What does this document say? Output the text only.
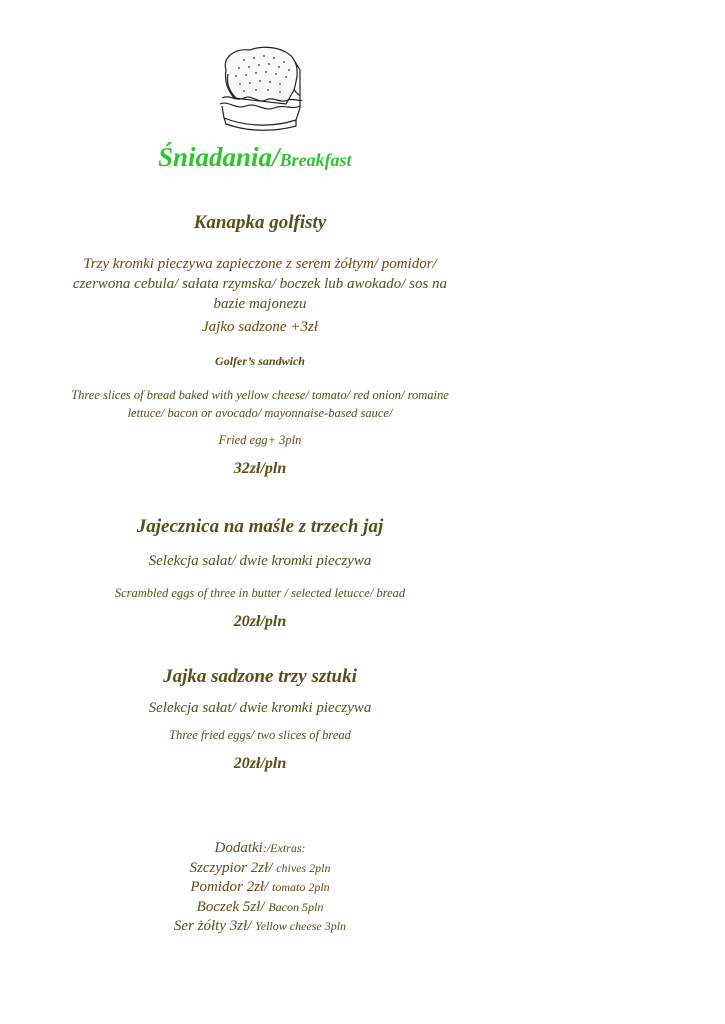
Śniadania/Breakfast
Kanapka golfisty
Trzy kromki pieczywa zapieczone z serem żółtym/ pomidor/
czerwona cebula/ sałata rzymska/ boczek lub awokado/ sos na
bazie majonezu
Jajko sadzone +3zł
Golfer’s sandwich
Three slices of bread baked with yellow cheese/ tomato/ red onion/ romaine
lettuce/ bacon or avocado/ mayonnaise-based sauce/
Fried egg+ 3pln
32zł/pln
Jajecznica na maśle z trzech jaj
Selekcja sałat/ dwie kromki pieczywa
Scrambled eggs of three in butter / selected letucce/ bread
20zł/pln
Jajka sadzone trzy sztuki
Selekcja sałat/ dwie kromki pieczywa
Three fried eggs/ two slices of bread
20zł/pln
Dodatki:/Extras:
Szczypior 2zł/ chives 2pln
Pomidor 2zł/ tomato 2pln
Boczek 5zł/ Bacon 5pln
Ser żółty 3zł/ Yellow cheese 3pln
